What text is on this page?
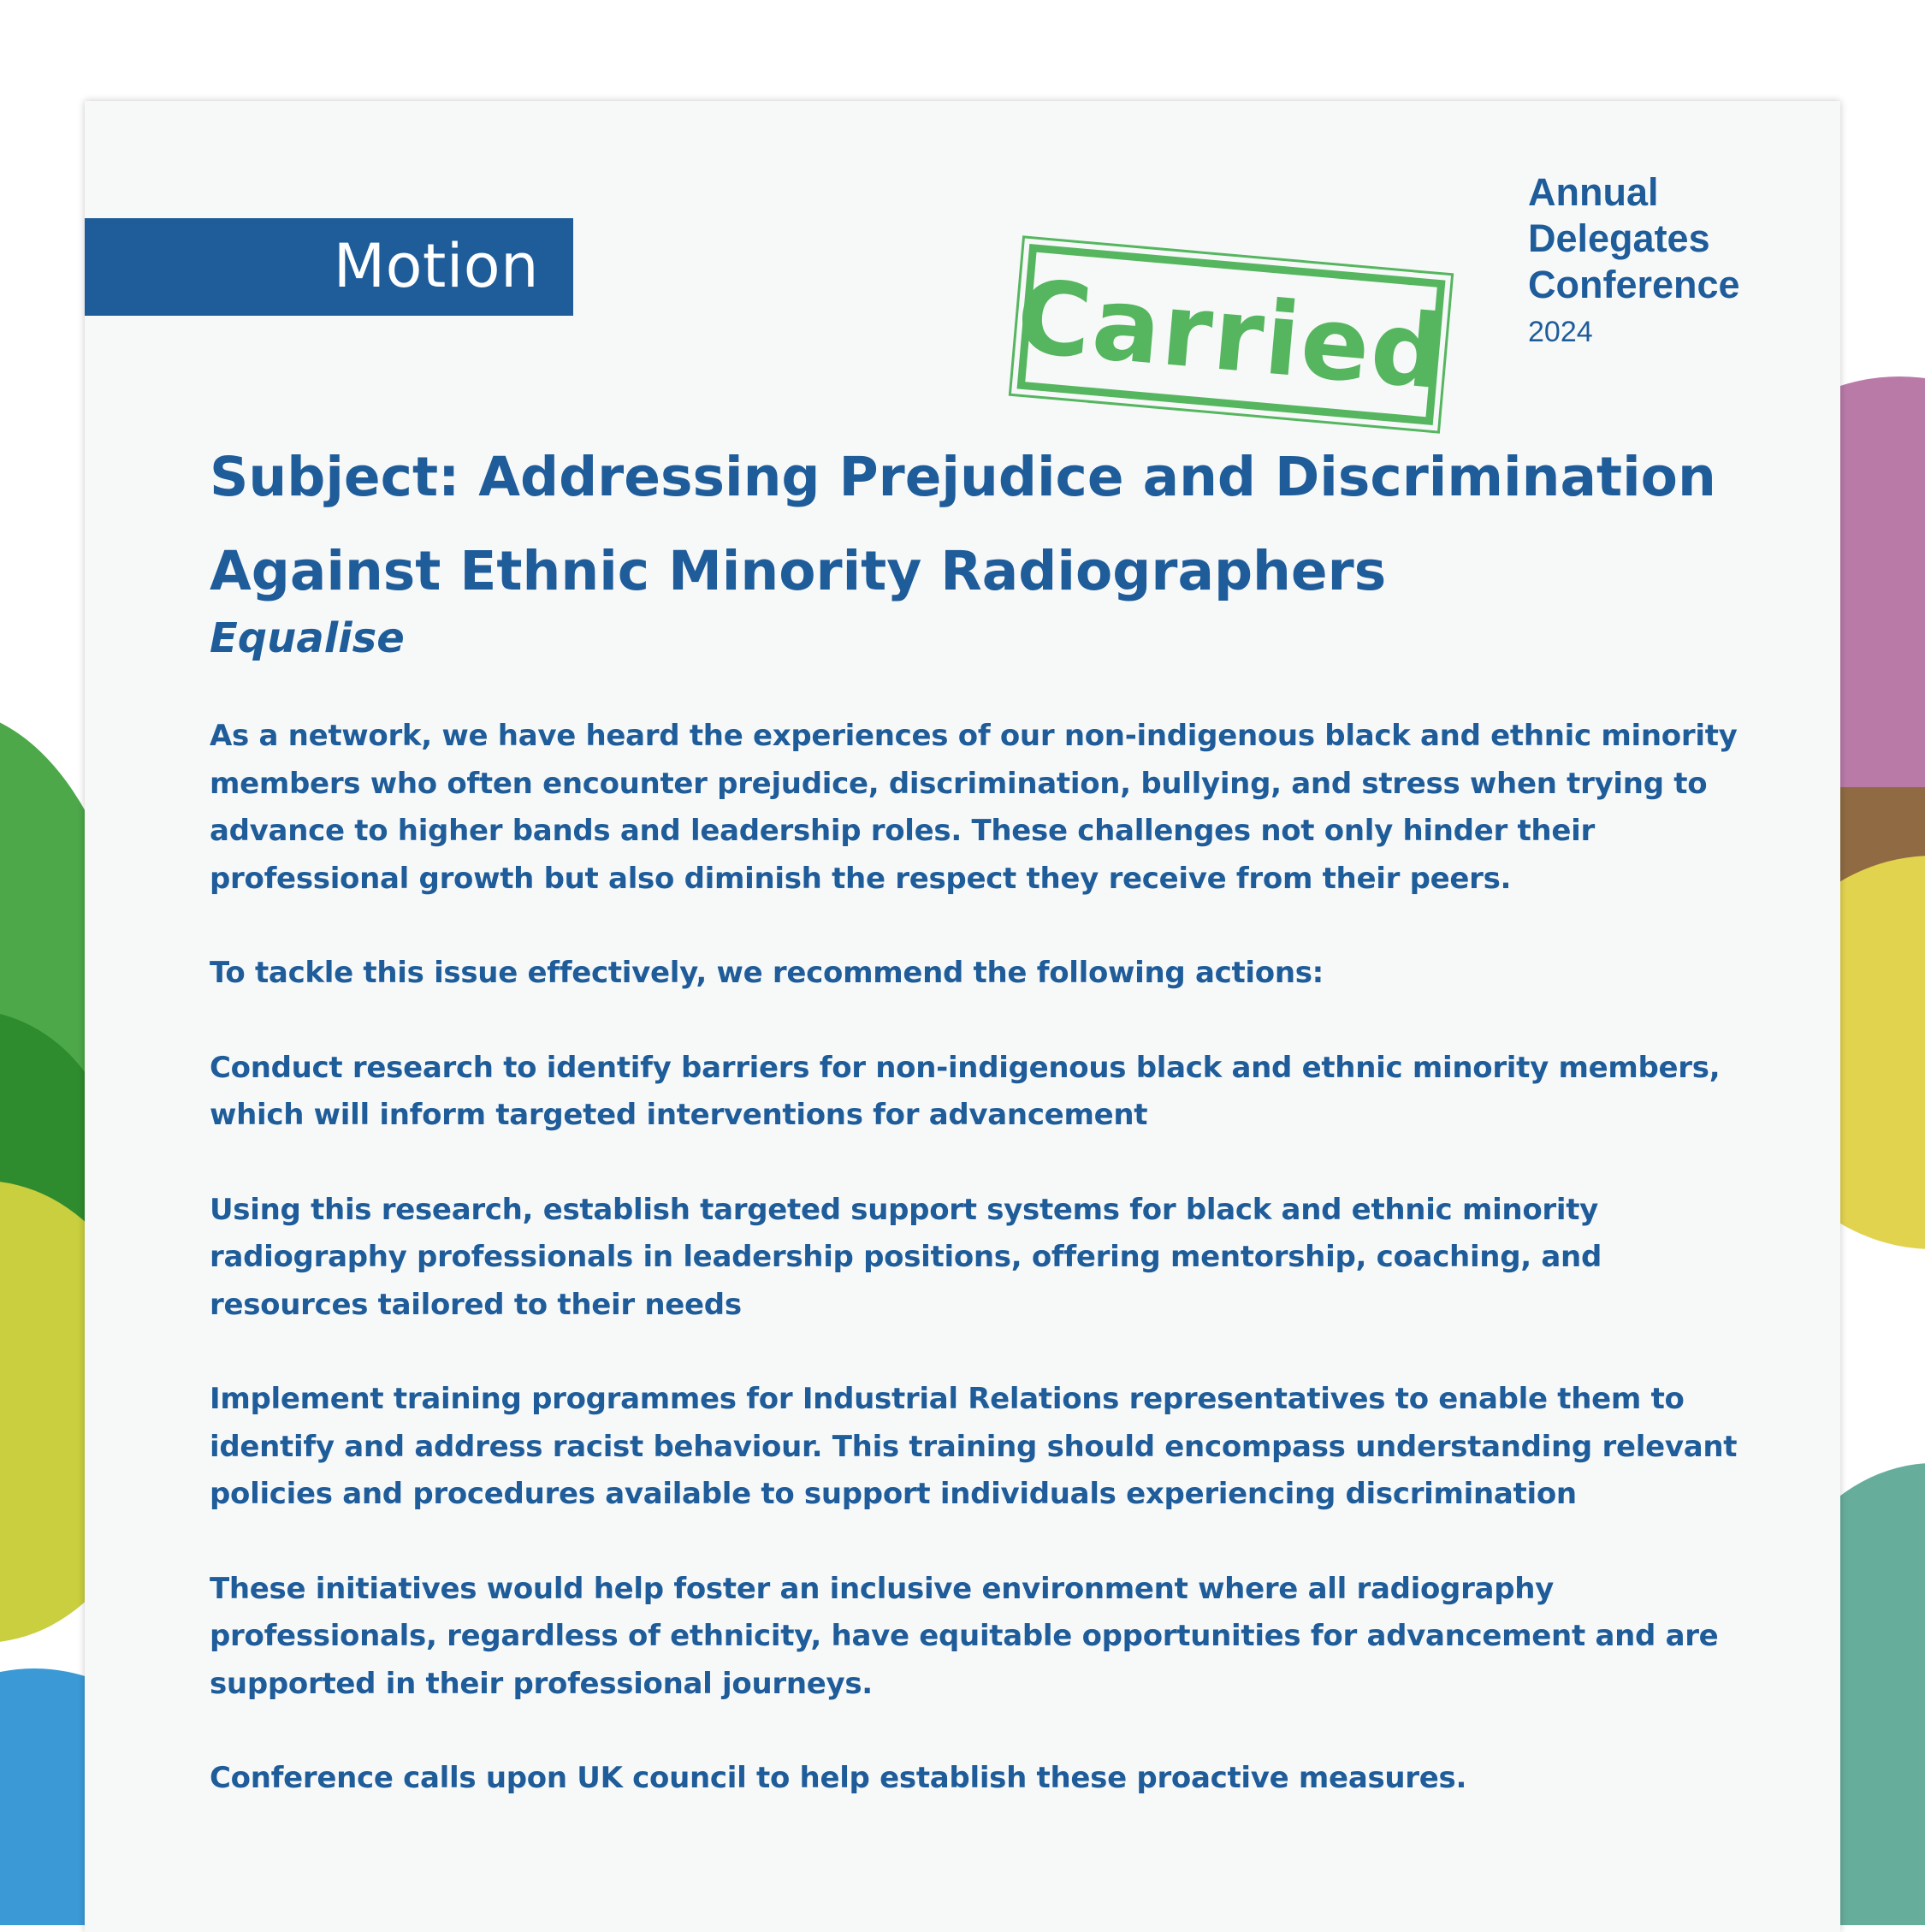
Motion	Carried
Annual
Delegates
Conference
2024
Subject: Addressing Prejudice and Discrimination Against Ethnic Minority Radiographers

Equalise

As a network, we have heard the experiences of our non-indigenous black and ethnic minority members who often encounter prejudice, discrimination, bullying, and stress when trying to advance to higher bands and leadership roles. These challenges not only hinder their professional growth but also diminish the respect they receive from their peers.

To tackle this issue effectively, we recommend the following actions:

Conduct research to identify barriers for non-indigenous black and ethnic minority members, which will inform targeted interventions for advancement

Using this research, establish targeted support systems for black and ethnic minority radiography professionals in leadership positions, offering mentorship, coaching, and resources tailored to their needs

Implement training programmes for Industrial Relations representatives to enable them to identify and address racist behaviour. This training should encompass understanding relevant policies and procedures available to support individuals experiencing discrimination

These initiatives would help foster an inclusive environment where all radiography professionals, regardless of ethnicity, have equitable opportunities for advancement and are supported in their professional journeys.

Conference calls upon UK council to help establish these proactive measures.
